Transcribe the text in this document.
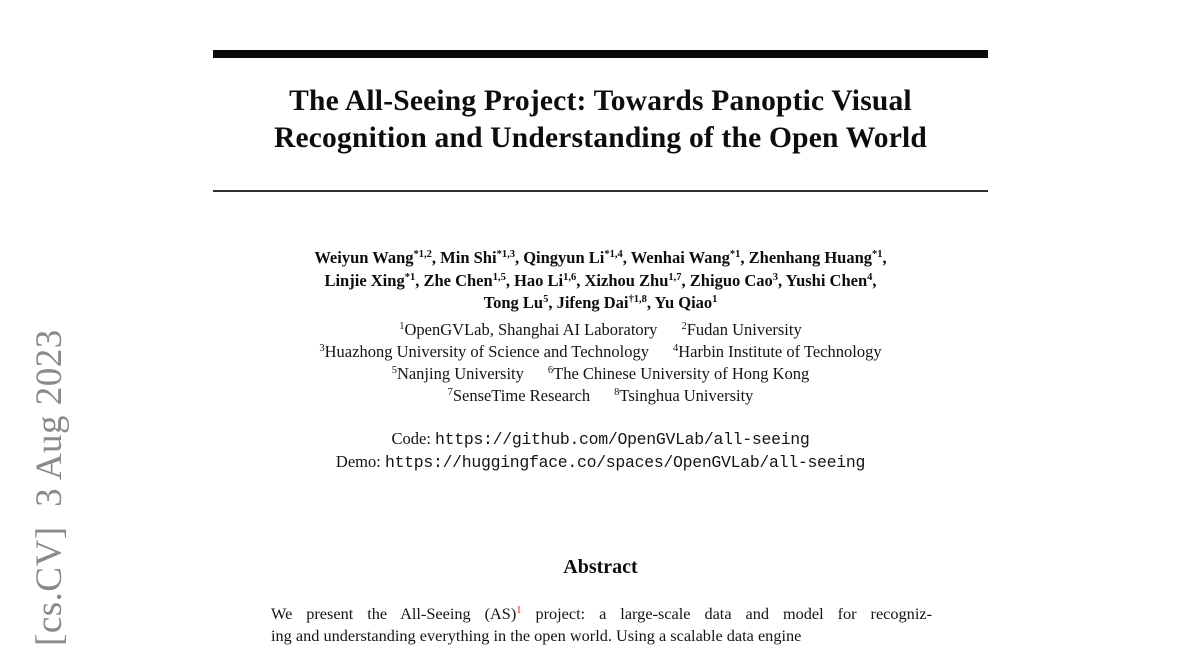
[cs.CV]  3 Aug 2023
The All-Seeing Project: Towards Panoptic Visual
Recognition and Understanding of the Open World
Weiyun Wang$^{*1,2}$, Min Shi$^{*1,3}$, Qingyun Li$^{*1,4}$, Wenhai Wang$^{*1}$, Zhenhang Huang$^{*1}$,
Linjie Xing$^{*1}$, Zhe Chen$^{1,5}$, Hao Li$^{1,6}$, Xizhou Zhu$^{1,7}$, Zhiguo Cao$^3$, Yushi Chen$^4$,
Tong Lu$^5$, Jifeng Dai$^{\dagger 1,8}$, Yu Qiao$^1$
$^1$OpenGVLab, Shanghai AI Laboratory $^2$Fudan University
$^3$Huazhong University of Science and Technology $^4$Harbin Institute of Technology
$^5$Nanjing University $^6$The Chinese University of Hong Kong
$^7$SenseTime Research $^8$Tsinghua University
Code: https://github.com/OpenGVLab/all-seeing
Demo: https://huggingface.co/spaces/OpenGVLab/all-seeing
Abstract
We present the All-Seeing (AS)$^1$ project: a large-scale data and model for recogniz-
ing and understanding everything in the open world. Using a scalable data engine
